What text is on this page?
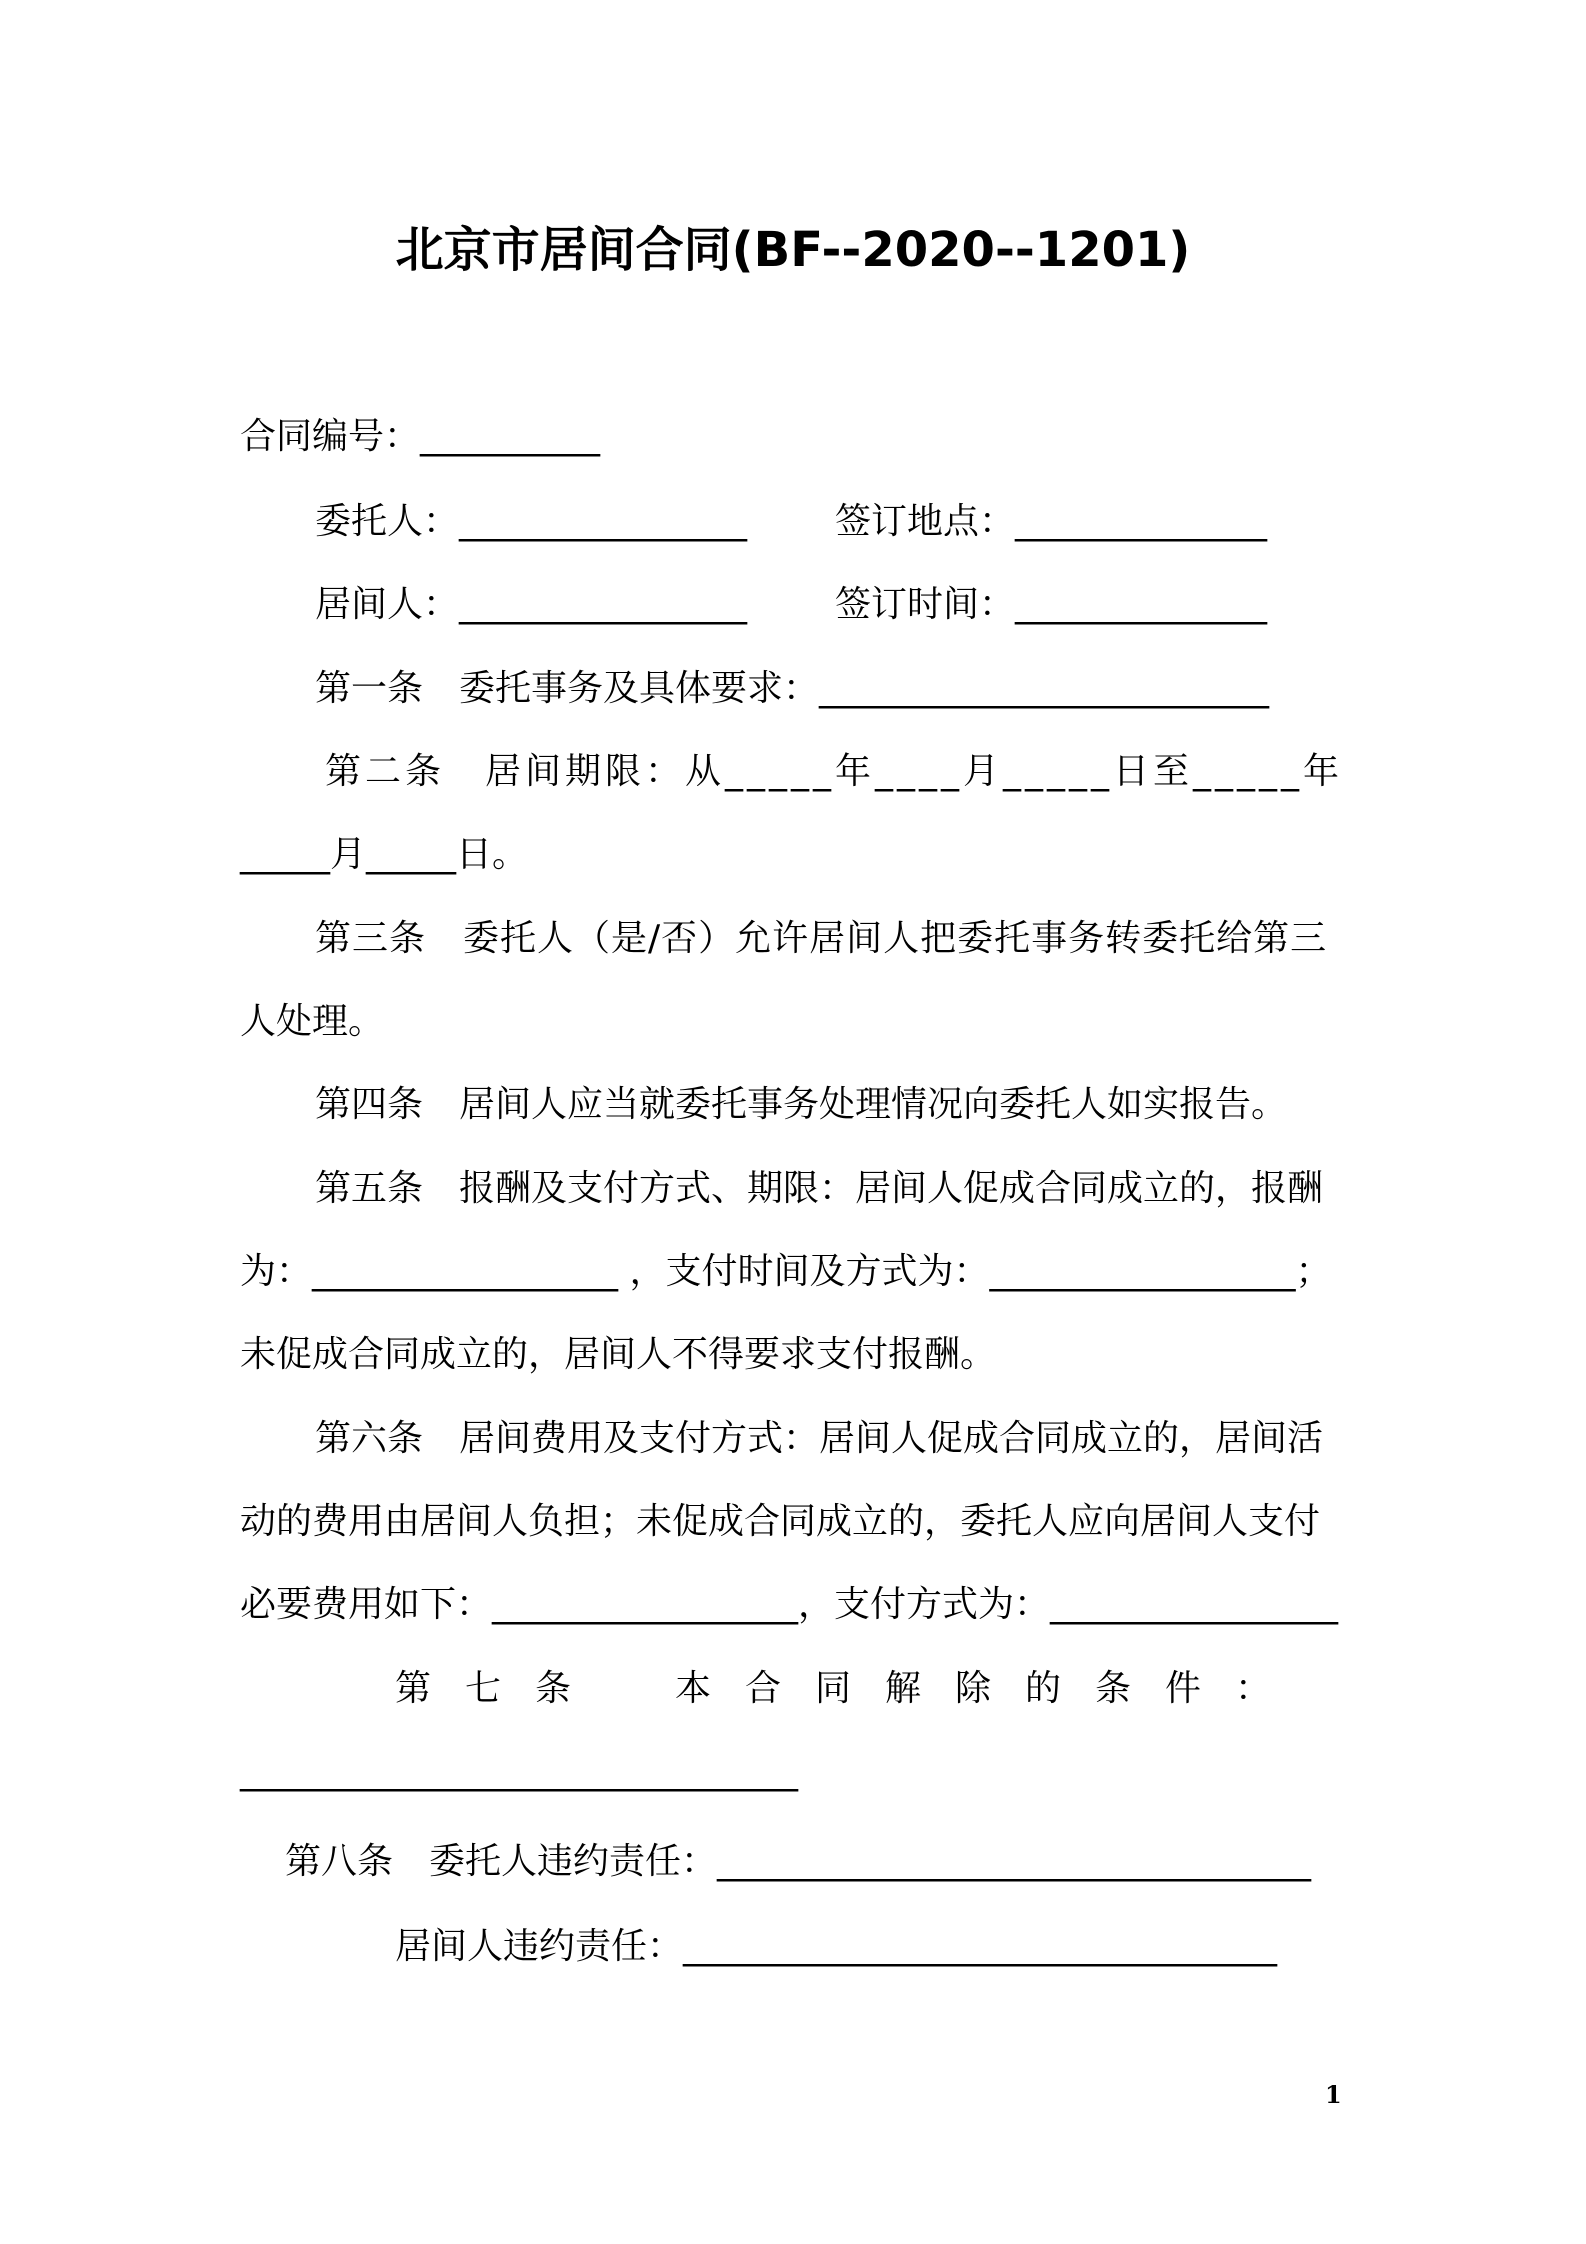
北京市居间合同(BF--2020--1201)
合同编号：__________
委托人：________________ 签订地点：______________
居间人：________________ 签订时间：______________
第一条　委托事务及具体要求：_________________________
第二条　居间期限：从_____年____月_____日至_____年
_____月_____日。
第三条　委托人（是/否）允许居间人把委托事务转委托给第三
人处理。
第四条　居间人应当就委托事务处理情况向委托人如实报告。
第五条　报酬及支付方式、期限：居间人促成合同成立的，报酬
为：_________________ ，支付时间及方式为：_________________；
未促成合同成立的，居间人不得要求支付报酬。
第六条　居间费用及支付方式：居间人促成合同成立的，居间活
动的费用由居间人负担；未促成合同成立的，委托人应向居间人支付
必要费用如下：_________________，支付方式为：________________
第七条　本合同解除的条件：
_______________________________
第八条　委托人违约责任：_________________________________
居间人违约责任：_________________________________
1
